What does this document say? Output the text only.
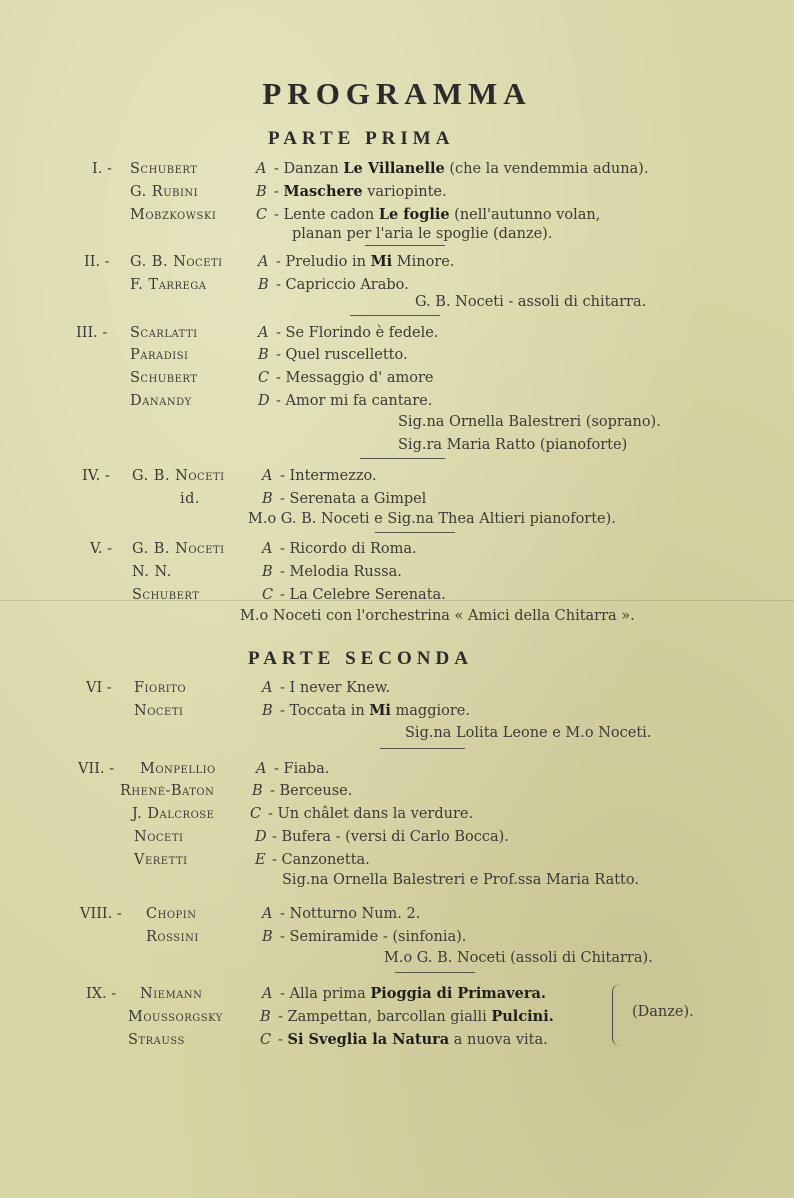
PROGRAMMA
PARTE PRIMA
I. - Schubert	A - Danzan Le Villanelle (che la vendemmia aduna).
G. Rubini	B - Maschere variopinte.
Mobzkowski	C - Lente cadon Le foglie (nell'autunno volan,
planan per l'aria le spoglie (danze).
II. - G. B. Noceti A - Preludio in Mi Minore.
F. Tarrega	B - Capriccio Arabo.
G. B. Noceti - assoli di chitarra.
III. - Scarlatti	A - Se Florindo è fedele.
Paradisi	B - Quel ruscelletto.
Schubert	C - Messaggio d' amore
Danandy	D - Amor mi fa cantare.
Sig.na Ornella Balestreri (soprano).
Sig.ra Maria Ratto (pianoforte)
IV. - G. B. Noceti	A - Intermezzo.
id.	B - Serenata a Gimpel
M.o G. B. Noceti e Sig.na Thea Altieri pianoforte).
V. - G. B. Noceti	A - Ricordo di Roma.
N. N.	B - Melodia Russa.
Schubert	C - La Celebre Serenata.
M.o Noceti con l'orchestrina « Amici della Chitarra ».
PARTE SECONDA
VI - Fiorito	A - I never Knew.
Noceti	B - Toccata in Mi maggiore.
Sig.na Lolita Leone e M.o Noceti.
VII. - Monpellio	A - Fiaba.
Rhené-Baton	B - Berceuse.
J. Dalcrose C - Un châlet dans la verdure.
Noceti	D - Bufera - (versi di Carlo Bocca).
Veretti	E - Canzonetta.
Sig.na Ornella Balestreri e Prof.ssa Maria Ratto.
VIII. - Chopin	A - Notturno Num. 2.
Rossini	B - Semiramide - (sinfonia).
M.o G. B. Noceti (assoli di Chitarra).
IX. - Niemann	A - Alla prima Pioggia di Primavera.
Moussorgsky	B - Zampettan, barcollan gialli Pulcini.
Strauss	C - Si Sveglia la Natura a nuova vita.
(Danze).
